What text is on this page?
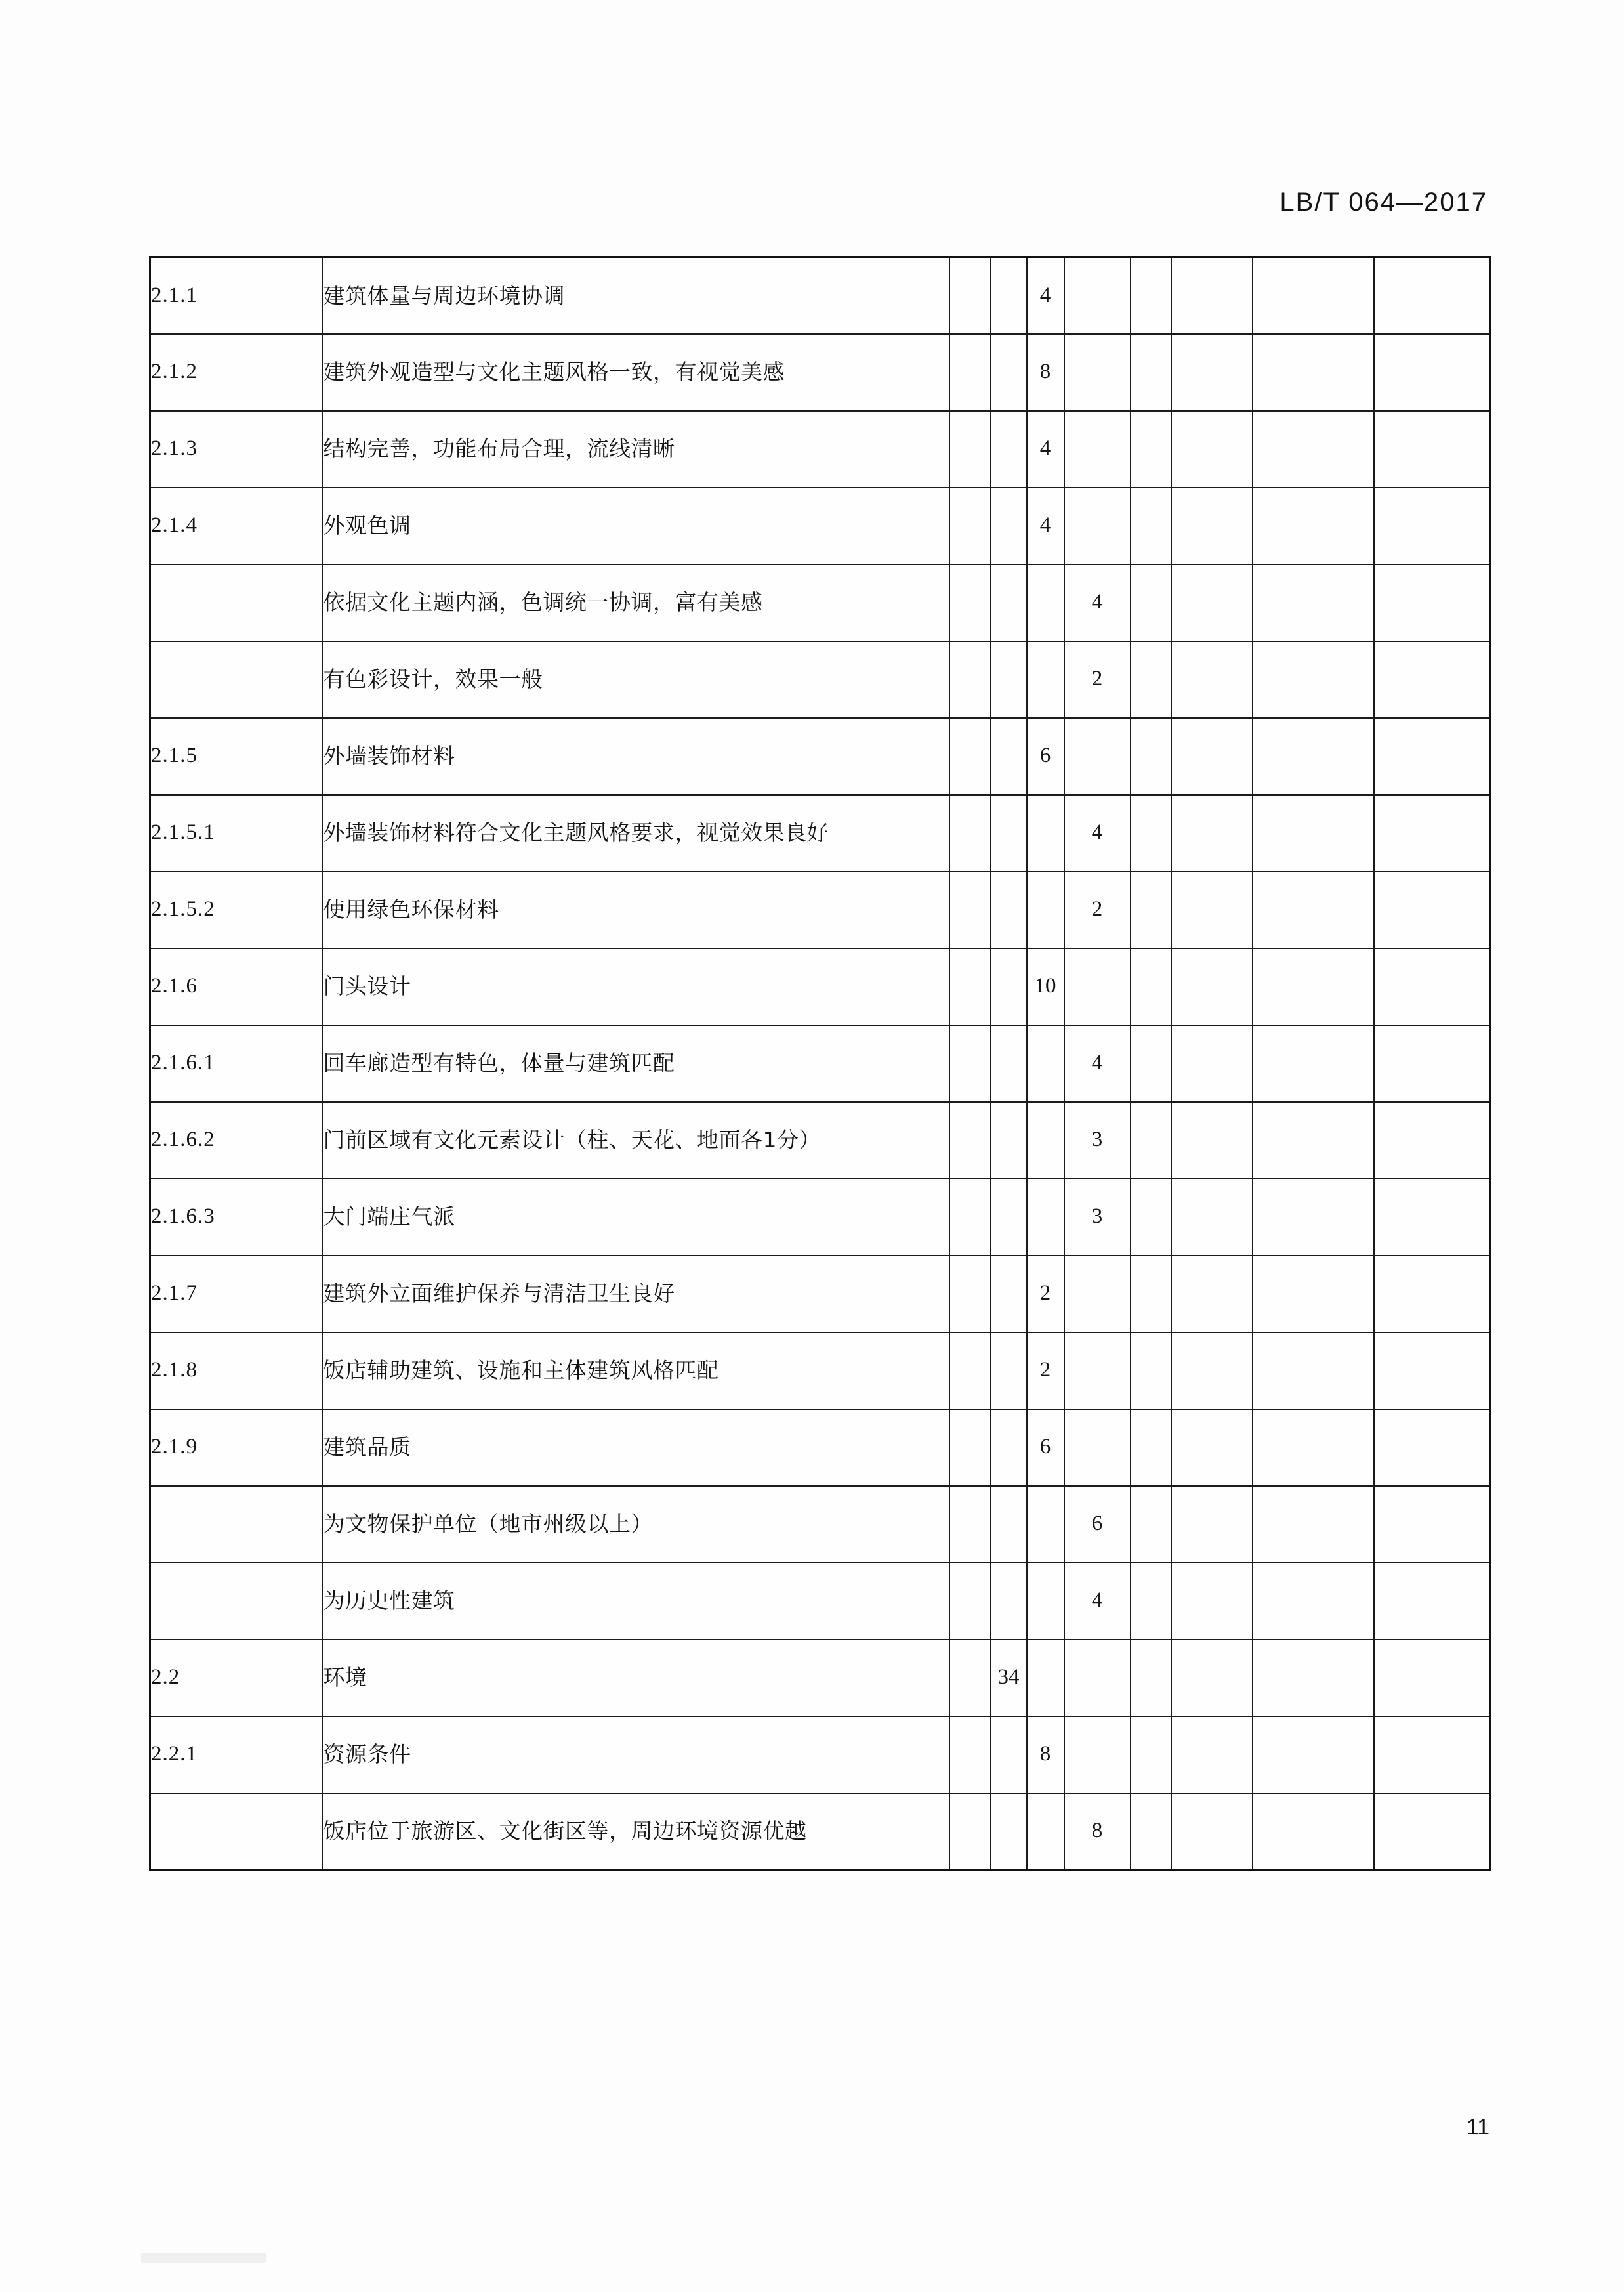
LB/T 064—2017
2.1.1	建筑体量与周边环境协调			4					
2.1.2	建筑外观造型与文化主题风格一致，有视觉美感			8					
2.1.3	结构完善，功能布局合理，流线清晰			4					
2.1.4	外观色调			4					
	依据文化主题内涵，色调统一协调，富有美感				4				
	有色彩设计，效果一般				2				
2.1.5	外墙装饰材料			6					
2.1.5.1	外墙装饰材料符合文化主题风格要求，视觉效果良好				4				
2.1.5.2	使用绿色环保材料				2				
2.1.6	门头设计			10					
2.1.6.1	回车廊造型有特色，体量与建筑匹配				4				
2.1.6.2	门前区域有文化元素设计（柱、天花、地面各1分）				3				
2.1.6.3	大门端庄气派				3				
2.1.7	建筑外立面维护保养与清洁卫生良好			2					
2.1.8	饭店辅助建筑、设施和主体建筑风格匹配			2					
2.1.9	建筑品质			6					
	为文物保护单位（地市州级以上）				6				
	为历史性建筑				4				
2.2	环境		34						
2.2.1	资源条件			8					
	饭店位于旅游区、文化街区等，周边环境资源优越				8				
11
